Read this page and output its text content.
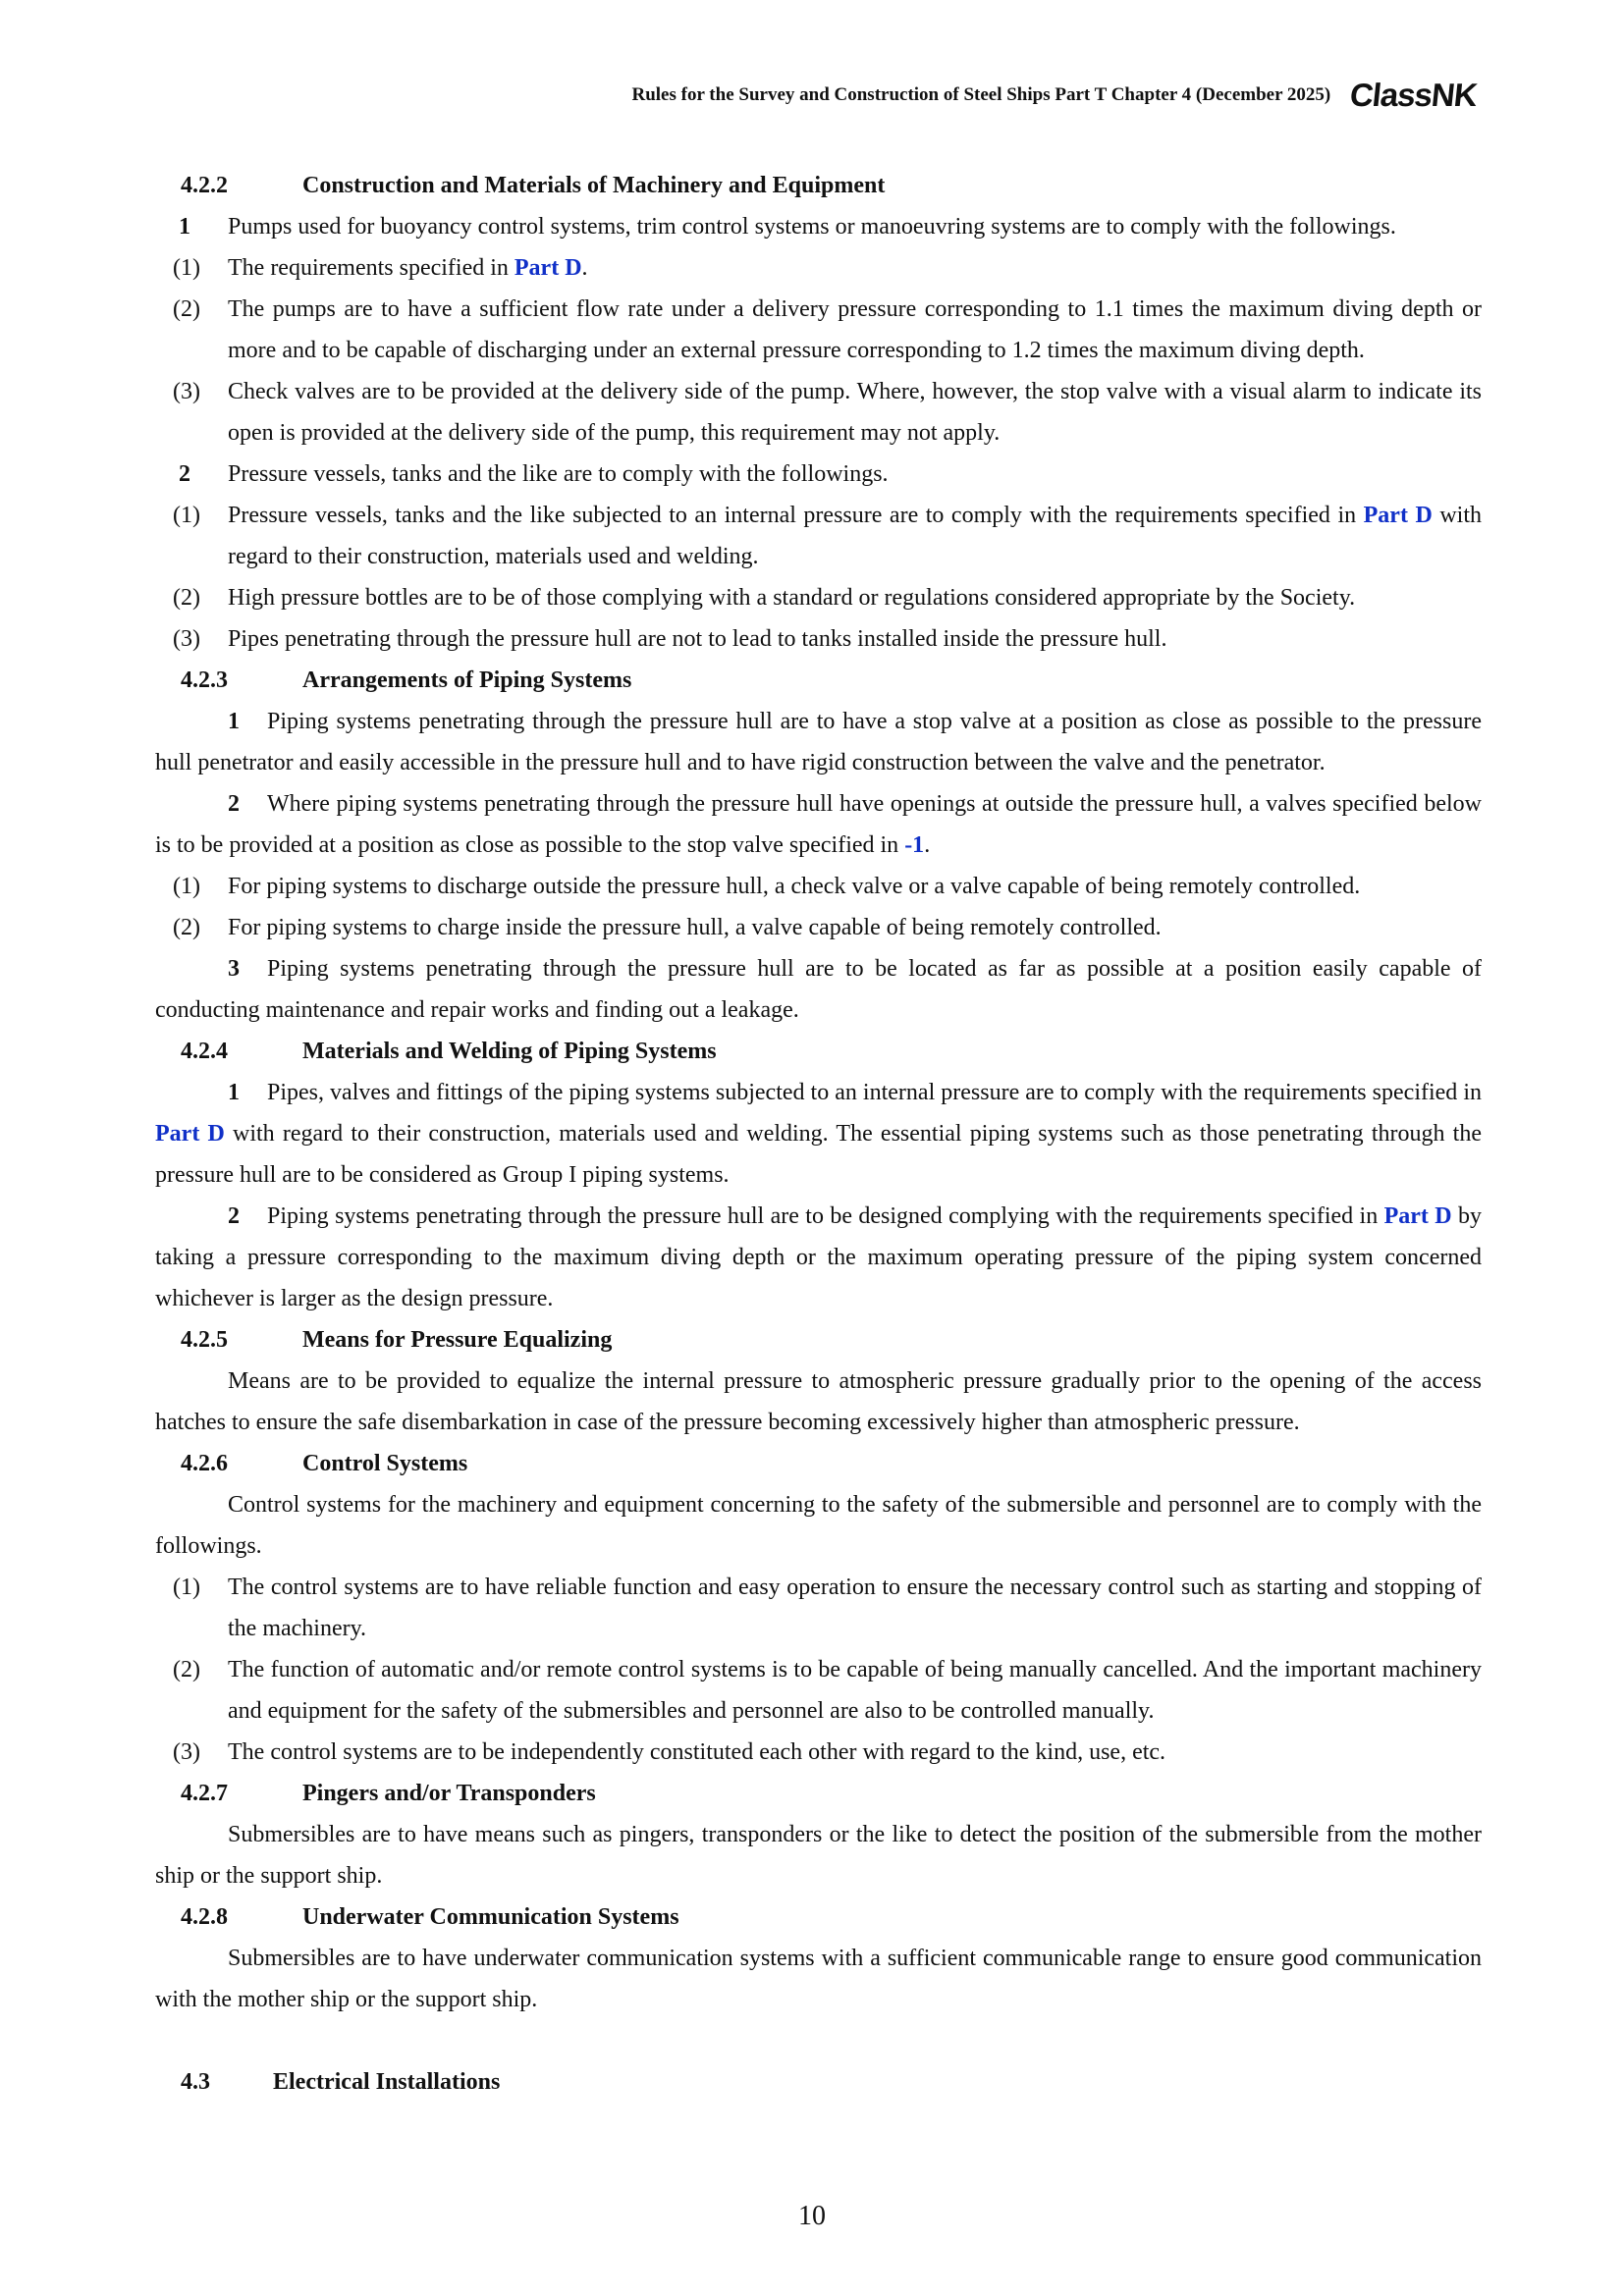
Rules for the Survey and Construction of Steel Ships Part T Chapter 4 (December 2025) ClassNK
4.2.2	Construction and Materials of Machinery and Equipment
1	Pumps used for buoyancy control systems, trim control systems or manoeuvring systems are to comply with the followings.
(1)	The requirements specified in Part D.
(2)	The pumps are to have a sufficient flow rate under a delivery pressure corresponding to 1.1 times the maximum diving depth or more and to be capable of discharging under an external pressure corresponding to 1.2 times the maximum diving depth.
(3)	Check valves are to be provided at the delivery side of the pump. Where, however, the stop valve with a visual alarm to indicate its open is provided at the delivery side of the pump, this requirement may not apply.
2	Pressure vessels, tanks and the like are to comply with the followings.
(1)	Pressure vessels, tanks and the like subjected to an internal pressure are to comply with the requirements specified in Part D with regard to their construction, materials used and welding.
(2)	High pressure bottles are to be of those complying with a standard or regulations considered appropriate by the Society.
(3)	Pipes penetrating through the pressure hull are not to lead to tanks installed inside the pressure hull.
4.2.3	Arrangements of Piping Systems
1 Piping systems penetrating through the pressure hull are to have a stop valve at a position as close as possible to the pressure hull penetrator and easily accessible in the pressure hull and to have rigid construction between the valve and the penetrator.
2 Where piping systems penetrating through the pressure hull have openings at outside the pressure hull, a valves specified below is to be provided at a position as close as possible to the stop valve specified in -1.
(1)	For piping systems to discharge outside the pressure hull, a check valve or a valve capable of being remotely controlled.
(2)	For piping systems to charge inside the pressure hull, a valve capable of being remotely controlled.
3 Piping systems penetrating through the pressure hull are to be located as far as possible at a position easily capable of conducting maintenance and repair works and finding out a leakage.
4.2.4	Materials and Welding of Piping Systems
1 Pipes, valves and fittings of the piping systems subjected to an internal pressure are to comply with the requirements specified in Part D with regard to their construction, materials used and welding. The essential piping systems such as those penetrating through the pressure hull are to be considered as Group I piping systems.
2 Piping systems penetrating through the pressure hull are to be designed complying with the requirements specified in Part D by taking a pressure corresponding to the maximum diving depth or the maximum operating pressure of the piping system concerned whichever is larger as the design pressure.
4.2.5	Means for Pressure Equalizing
Means are to be provided to equalize the internal pressure to atmospheric pressure gradually prior to the opening of the access hatches to ensure the safe disembarkation in case of the pressure becoming excessively higher than atmospheric pressure.
4.2.6	Control Systems
Control systems for the machinery and equipment concerning to the safety of the submersible and personnel are to comply with the followings.
(1)	The control systems are to have reliable function and easy operation to ensure the necessary control such as starting and stopping of the machinery.
(2)	The function of automatic and/or remote control systems is to be capable of being manually cancelled. And the important machinery and equipment for the safety of the submersibles and personnel are also to be controlled manually.
(3)	The control systems are to be independently constituted each other with regard to the kind, use, etc.
4.2.7	Pingers and/or Transponders
Submersibles are to have means such as pingers, transponders or the like to detect the position of the submersible from the mother ship or the support ship.
4.2.8	Underwater Communication Systems
Submersibles are to have underwater communication systems with a sufficient communicable range to ensure good communication with the mother ship or the support ship.
4.3	Electrical Installations
10
